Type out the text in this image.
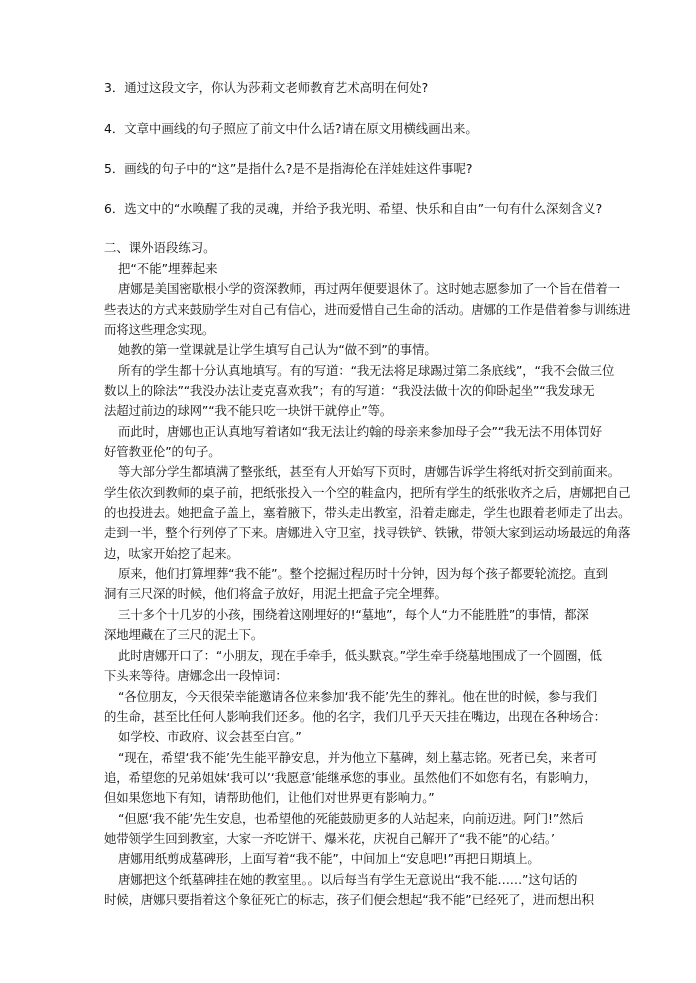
3．通过这段文字，你认为莎莉文老师教育艺术高明在何处?
4．文章中画线的句子照应了前文中什么话?请在原文用横线画出来。
5．画线的句子中的“这”是指什么?是不是指海伦在洋娃娃这件事呢?
6．选文中的“水唤醒了我的灵魂，并给予我光明、希望、快乐和自由”一句有什么深刻含义?
二、课外语段练习。
把“不能”埋葬起来
唐娜是美国密歇根小学的资深教师，再过两年便要退休了。这时她志愿参加了一个旨在借着一
些表达的方式来鼓励学生对自己有信心，进而爱惜自己生命的活动。唐娜的工作是借着参与训练进
而将这些理念实现。
她教的第一堂课就是让学生填写自己认为“做不到”的事情。
所有的学生都十分认真地填写。有的写道：“我无法将足球踢过第二条底线”，“我不会做三位
数以上的除法”“我没办法让麦克喜欢我”；有的写道：“我没法做十次的仰卧起坐”“我发球无
法超过前边的球网”“我不能只吃一块饼干就停止”等。
而此时，唐娜也正认真地写着诸如“我无法让约翰的母亲来参加母子会”“我无法不用体罚好
好管教亚伦”的句子。
等大部分学生都填满了整张纸，甚至有人开始写下页时，唐娜告诉学生将纸对折交到前面来。
学生依次到教师的桌子前，把纸张投入一个空的鞋盒内，把所有学生的纸张收齐之后，唐娜把自己
的也投进去。她把盒子盖上，塞着腋下，带头走出教室，沿着走廊走，学生也跟着老师走了出去。
走到一半，整个行列停了下来。唐娜进入守卫室，找寻铁铲、铁锹，带领大家到运动场最远的角落
边，呔家开始挖了起来。
原来，他们打算埋葬“我不能”。整个挖掘过程历时十分钟，因为每个孩子都要轮流挖。直到
洞有三尺深的时候，他们将盒子放好，用泥土把盒子完全埋葬。
三十多个十几岁的小孩，围绕着这刚埋好的!“墓地”，每个人“力不能胜胜”的事情，都深
深地埋藏在了三尺的泥土下。
此时唐娜开口了：“小朋友，现在手牵手，低头默哀。”学生牵手绕墓地围成了一个圆圈，低
下头来等待。唐娜念出一段悼词：
“各位朋友，今天很荣幸能邀请各位来参加‘我不能’先生的葬礼。他在世的时候，参与我们
的生命，甚至比任何人影响我们还多。他的名字，我们几乎天天挂在嘴边，出现在各种场合：
如学校、市政府、议会甚至白宫。”
“现在，希望‘我不能’先生能平静安息，并为他立下墓碑，刻上墓志铭。死者已矣，来者可
追，希望您的兄弟姐妹‘我可以’‘我愿意’能继承您的事业。虽然他们不如您有名，有影响力，
但如果您地下有知，请帮助他们，让他们对世界更有影响力。”
“但愿‘我不能’先生安息，也希望他的死能鼓励更多的人站起来，向前迈进。阿门!”然后
她带领学生回到教室，大家一齐吃饼干、爆米花，庆祝自己解开了“我不能”的心结。’
唐娜用纸剪成墓碑形，上面写着“我不能”，中间加上“安息吧!”再把日期填上。
唐娜把这个纸墓碑挂在她的教室里。。以后每当有学生无意说出“我不能……”这句话的
时候，唐娜只要指着这个象征死亡的标志，孩子们便会想起“我不能”已经死了，进而想出积
